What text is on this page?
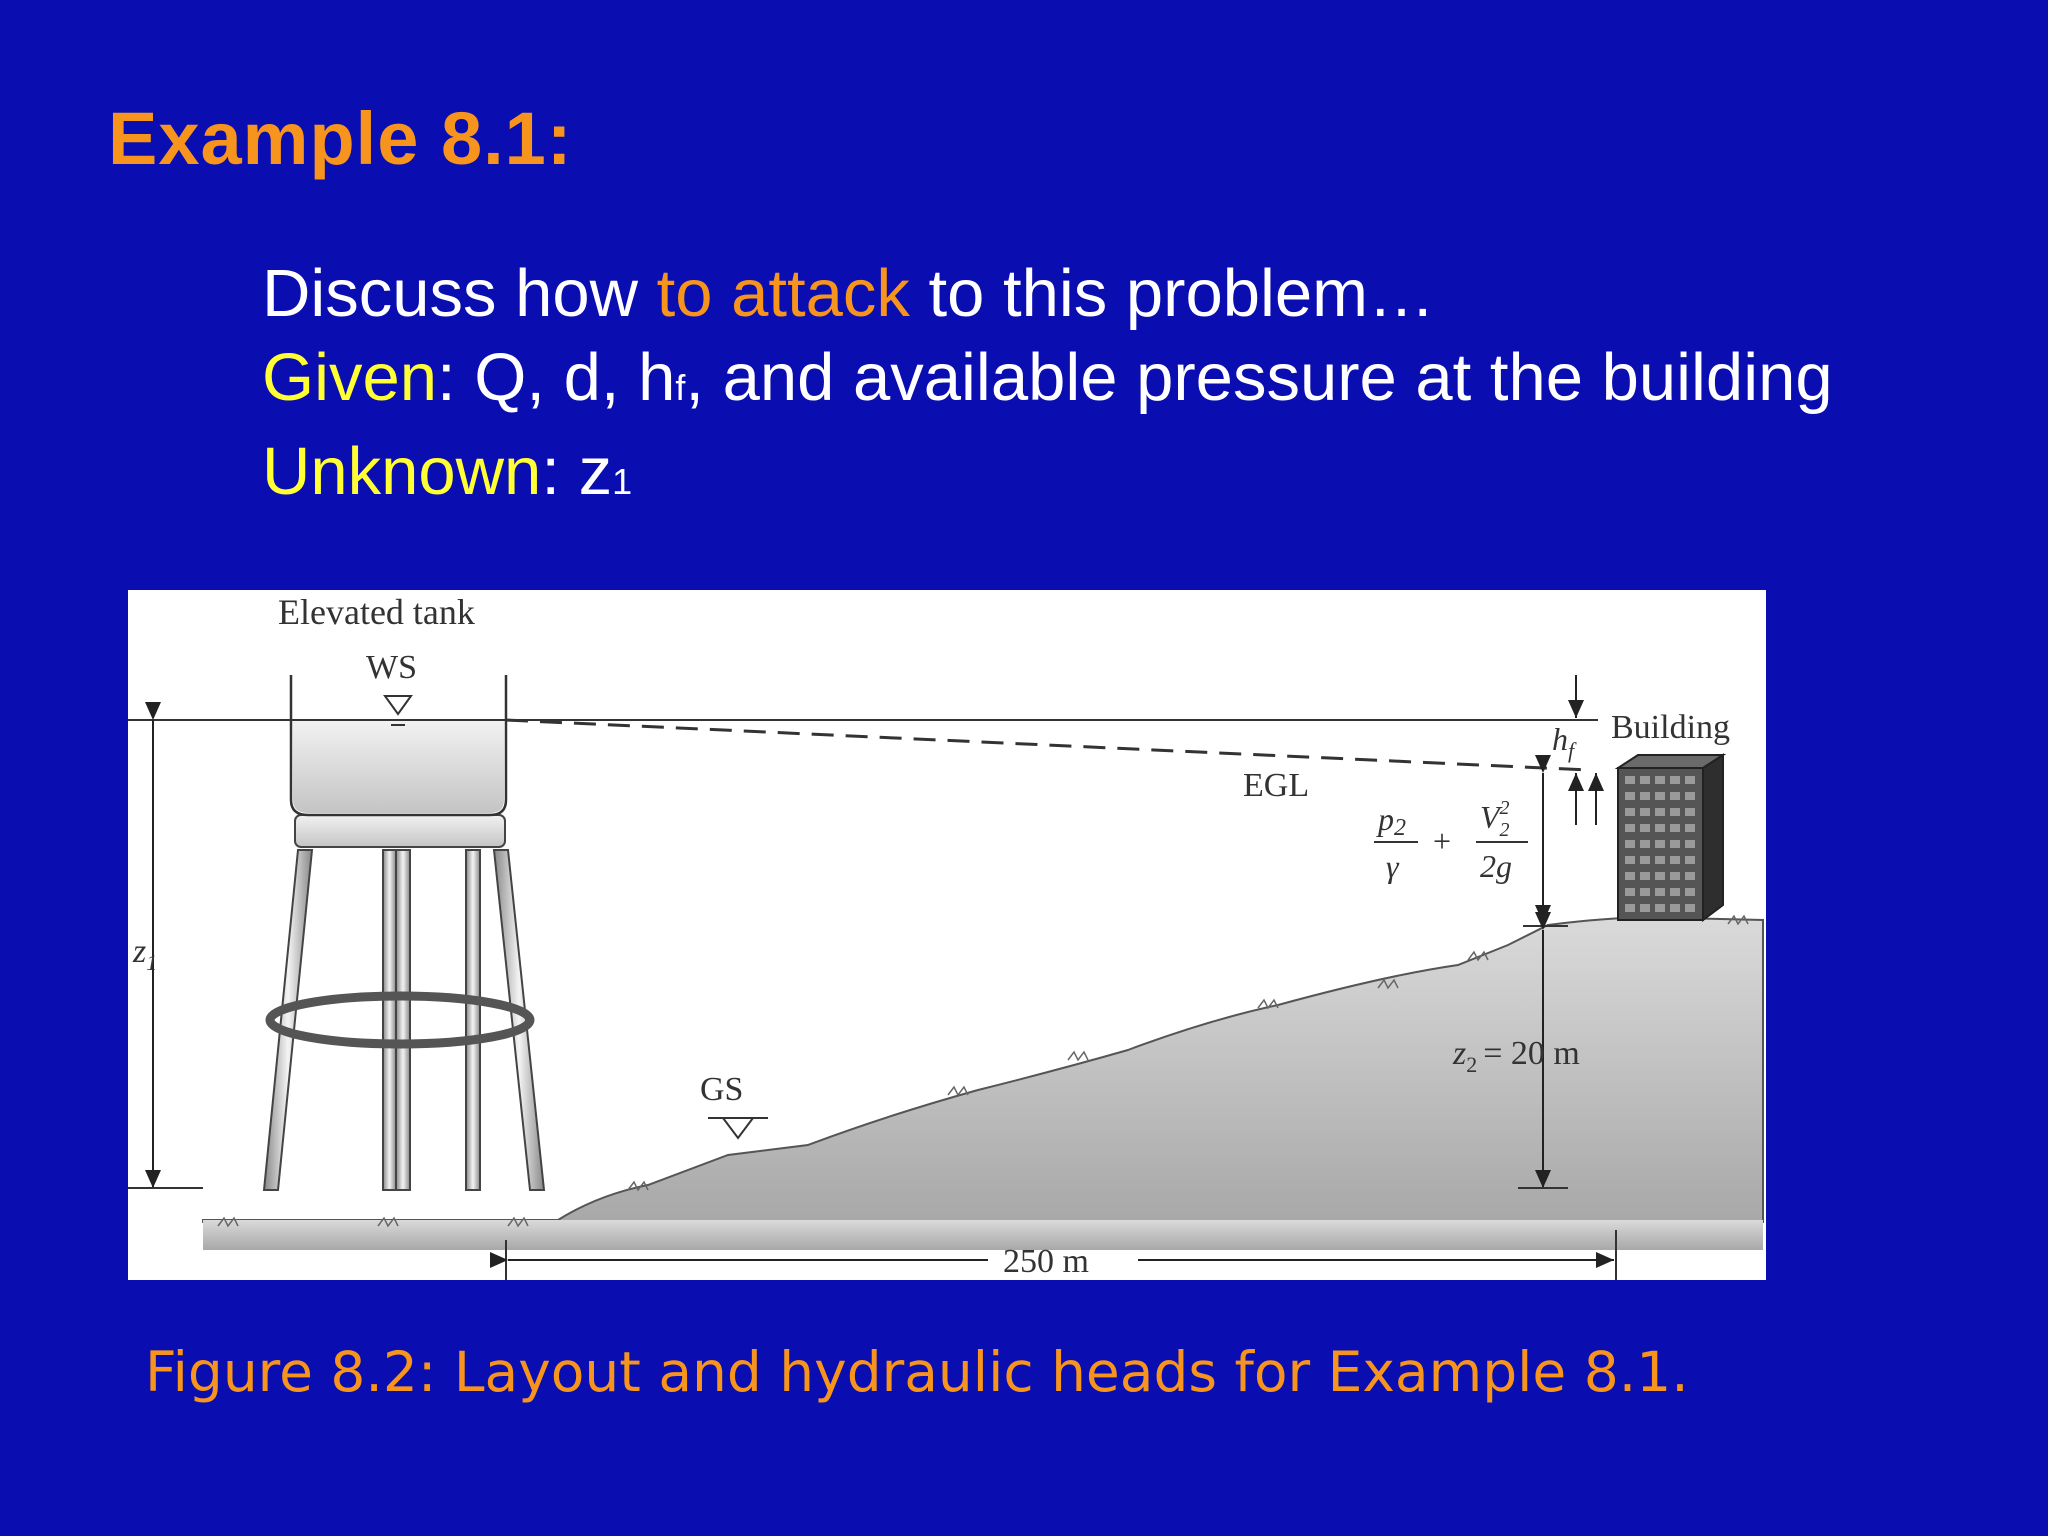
Example 8.1:
Discuss how to attack to this problem…
Given: Q, d, hf, and available pressure at the building
Unknown: z1
$z_1$
$h_f$
$z_2 = 20$ m
p2
γ
+
$V^2$ 2
2g
Elevated tank
WS
GS
EGL
Building
250 m
Figure 8.2: Layout and hydraulic heads for Example 8.1.
